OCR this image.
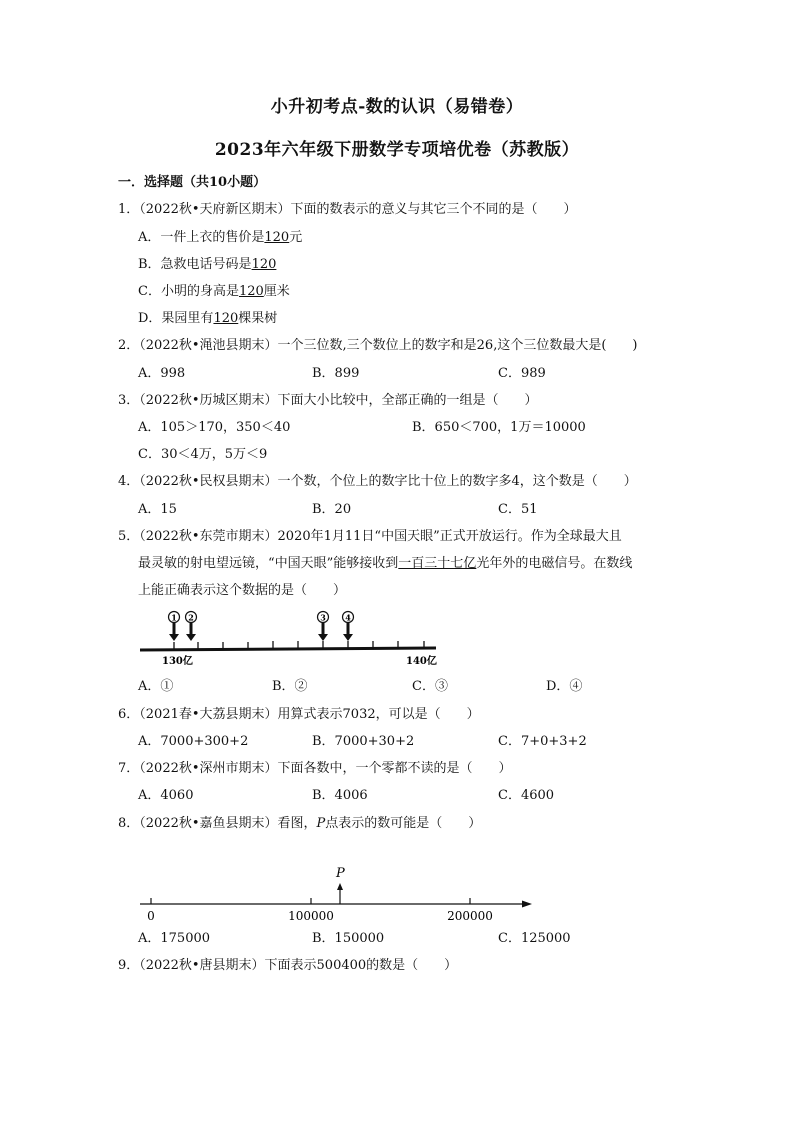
小升初考点-数的认识（易错卷）
2023年六年级下册数学专项培优卷（苏教版）
一．选择题（共10小题）
1．（2022秋•天府新区期末）下面的数表示的意义与其它三个不同的是（　　）
A．一件上衣的售价是120元
B．急救电话号码是120
C．小明的身高是120厘米
D．果园里有120棵果树
2．（2022秋•渑池县期末）一个三位数,三个数位上的数字和是26,这个三位数最大是(　　)
A．998	B．899	C．989
3．（2022秋•历城区期末）下面大小比较中，全部正确的一组是（　　）
A．105＞170，350＜40	B．650＜700，1万＝10000
C．30＜4万，5万＜9
4．（2022秋•民权县期末）一个数，个位上的数字比十位上的数字多4，这个数是（　　）
A．15	B．20	C．51
5．（2022秋•东莞市期末）2020年1月11日“中国天眼”正式开放运行。作为全球最大且
最灵敏的射电望远镜，“中国天眼”能够接收到一百三十七亿光年外的电磁信号。在数线
上能正确表示这个数据的是（　　）
1 2	3 4
130亿	140亿
A．①	B．②	C．③	D．④
6．（2021春•大荔县期末）用算式表示7032，可以是（　　）
A．7000+300+2	B．7000+30+2	C．7+0+3+2
7．（2022秋•深州市期末）下面各数中，一个零都不读的是（　　）
A．4060	B．4006	C．4600
8．（2022秋•嘉鱼县期末）看图，P点表示的数可能是（　　）
P
0	100000	200000
A．175000	B．150000	C．125000
9．（2022秋•唐县期末）下面表示500400的数是（　　）
